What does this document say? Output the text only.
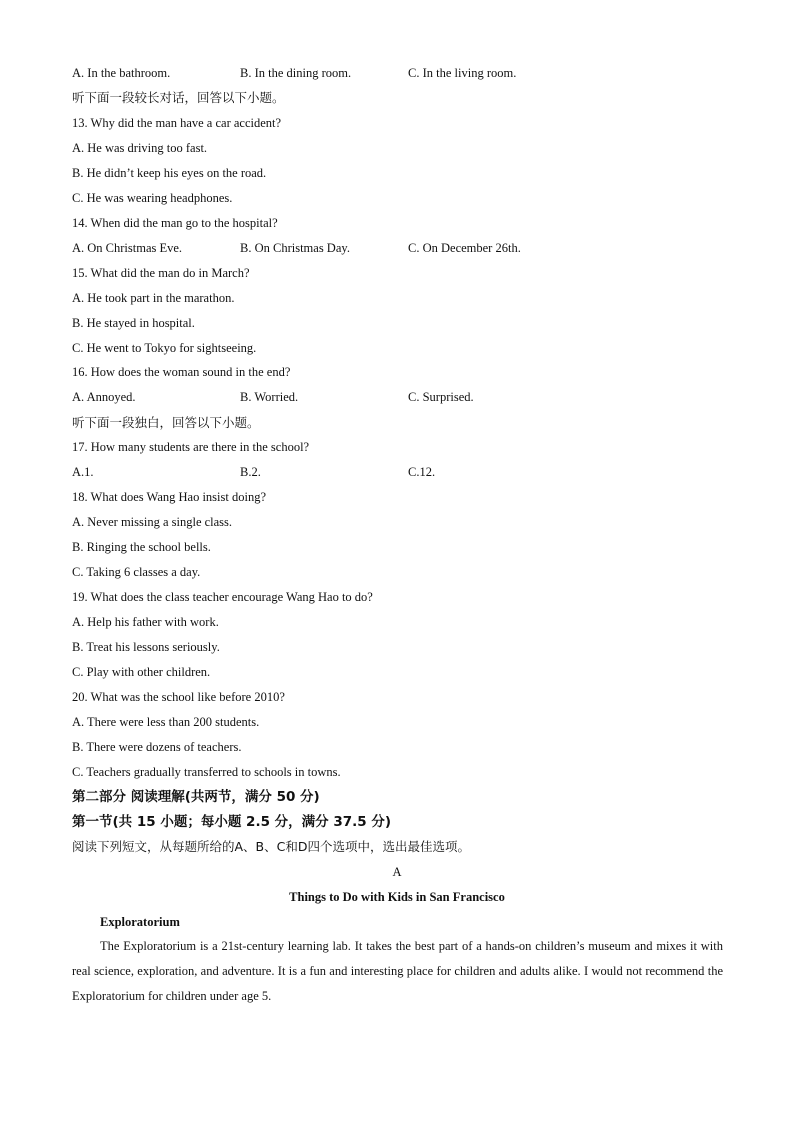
A. In the bathroom.	B. In the dining room.	C. In the living room.
听下面一段较长对话，回答以下小题。
13. Why did the man have a car accident?
A. He was driving too fast.
B. He didn’t keep his eyes on the road.
C. He was wearing headphones.
14. When did the man go to the hospital?
A. On Christmas Eve.	B. On Christmas Day.	C. On December 26th.
15. What did the man do in March?
A. He took part in the marathon.
B. He stayed in hospital.
C. He went to Tokyo for sightseeing.
16. How does the woman sound in the end?
A. Annoyed.	B. Worried.	C. Surprised.
听下面一段独白，回答以下小题。
17. How many students are there in the school?
A.1.	B.2.	C.12.
18. What does Wang Hao insist doing?
A. Never missing a single class.
B. Ringing the school bells.
C. Taking 6 classes a day.
19. What does the class teacher encourage Wang Hao to do?
A. Help his father with work.
B. Treat his lessons seriously.
C. Play with other children.
20. What was the school like before 2010?
A. There were less than 200 students.
B. There were dozens of teachers.
C. Teachers gradually transferred to schools in towns.
第二部分 阅读理解(共两节，满分 50 分)
第一节(共 15 小题；每小题 2.5 分，满分 37.5 分)
阅读下列短文，从每题所给的A、B、C和D四个选项中，选出最佳选项。
A
Things to Do with Kids in San Francisco
Exploratorium
The Exploratorium is a 21st-century learning lab. It takes the best part of a hands-on children’s museum and mixes it with real science, exploration, and adventure. It is a fun and interesting place for children and adults alike. I would not recommend the Exploratorium for children under age 5.
